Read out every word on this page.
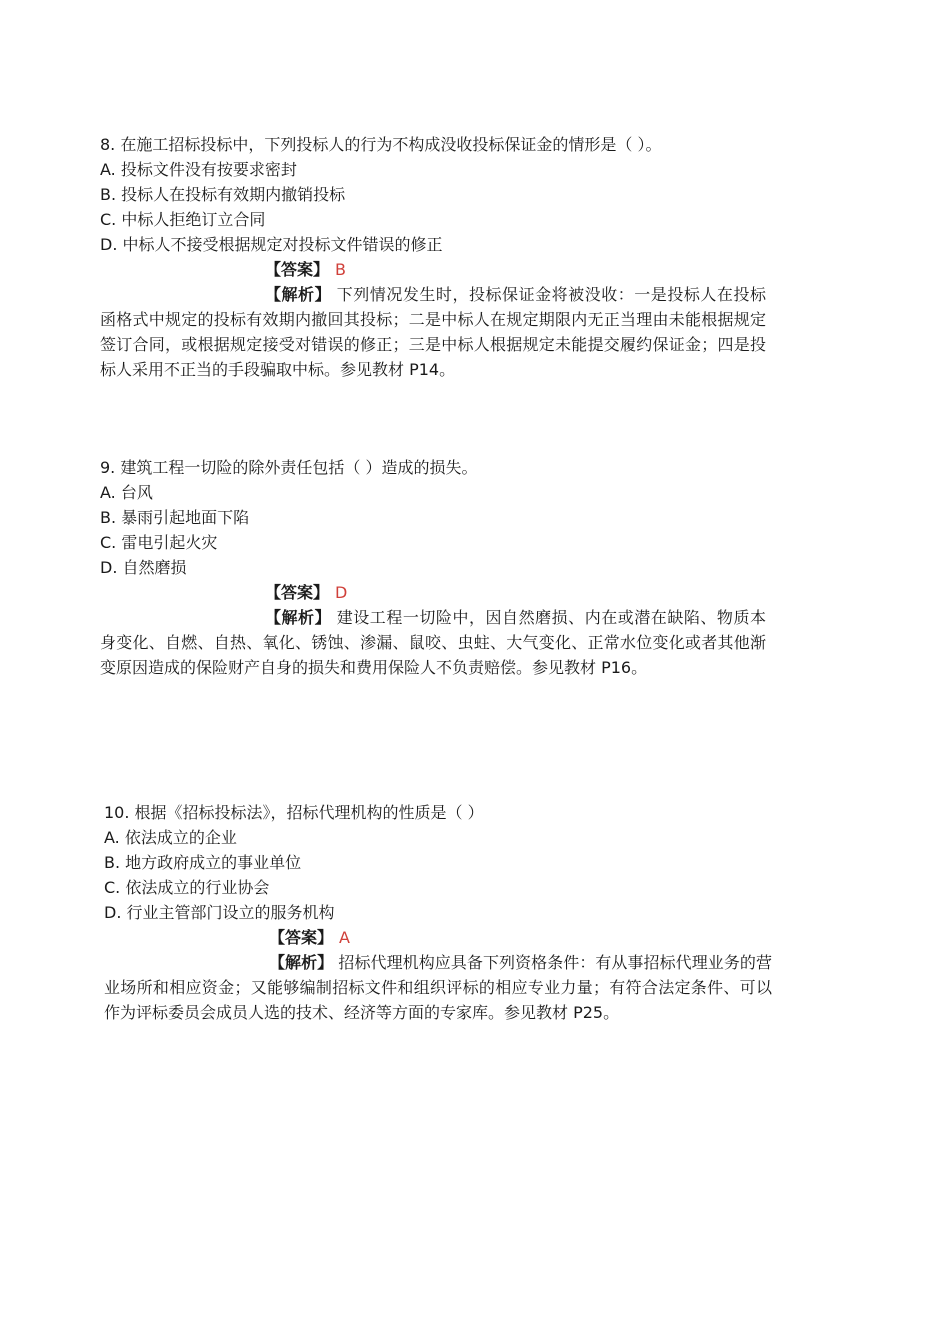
8. 在施工招标投标中，下列投标人的行为不构成没收投标保证金的情形是（ ）。
A. 投标文件没有按要求密封
B. 投标人在投标有效期内撤销投标
C. 中标人拒绝订立合同
D. 中标人不接受根据规定对投标文件错误的修正
【答案】 B

【解析】 下列情况发生时，投标保证金将被没收：一是投标人在投标函格式中规定的投标有效期内撤回其投标；二是中标人在规定期限内无正当理由未能根据规定签订合同，或根据规定接受对错误的修正；三是中标人根据规定未能提交履约保证金；四是投标人采用不正当的手段骗取中标。参见教材 P14。

9. 建筑工程一切险的除外责任包括（ ）造成的损失。
A. 台风
B. 暴雨引起地面下陷
C. 雷电引起火灾
D. 自然磨损
【答案】 D

【解析】 建设工程一切险中，因自然磨损、内在或潜在缺陷、物质本身变化、自燃、自热、氧化、锈蚀、渗漏、鼠咬、虫蛀、大气变化、正常水位变化或者其他渐变原因造成的保险财产自身的损失和费用保险人不负责赔偿。参见教材 P16。

10. 根据《招标投标法》，招标代理机构的性质是（ ）
A. 依法成立的企业
B. 地方政府成立的事业单位
C. 依法成立的行业协会
D. 行业主管部门设立的服务机构
【答案】 A

【解析】 招标代理机构应具备下列资格条件：有从事招标代理业务的营业场所和相应资金；又能够编制招标文件和组织评标的相应专业力量；有符合法定条件、可以作为评标委员会成员人选的技术、经济等方面的专家库。参见教材 P25。
